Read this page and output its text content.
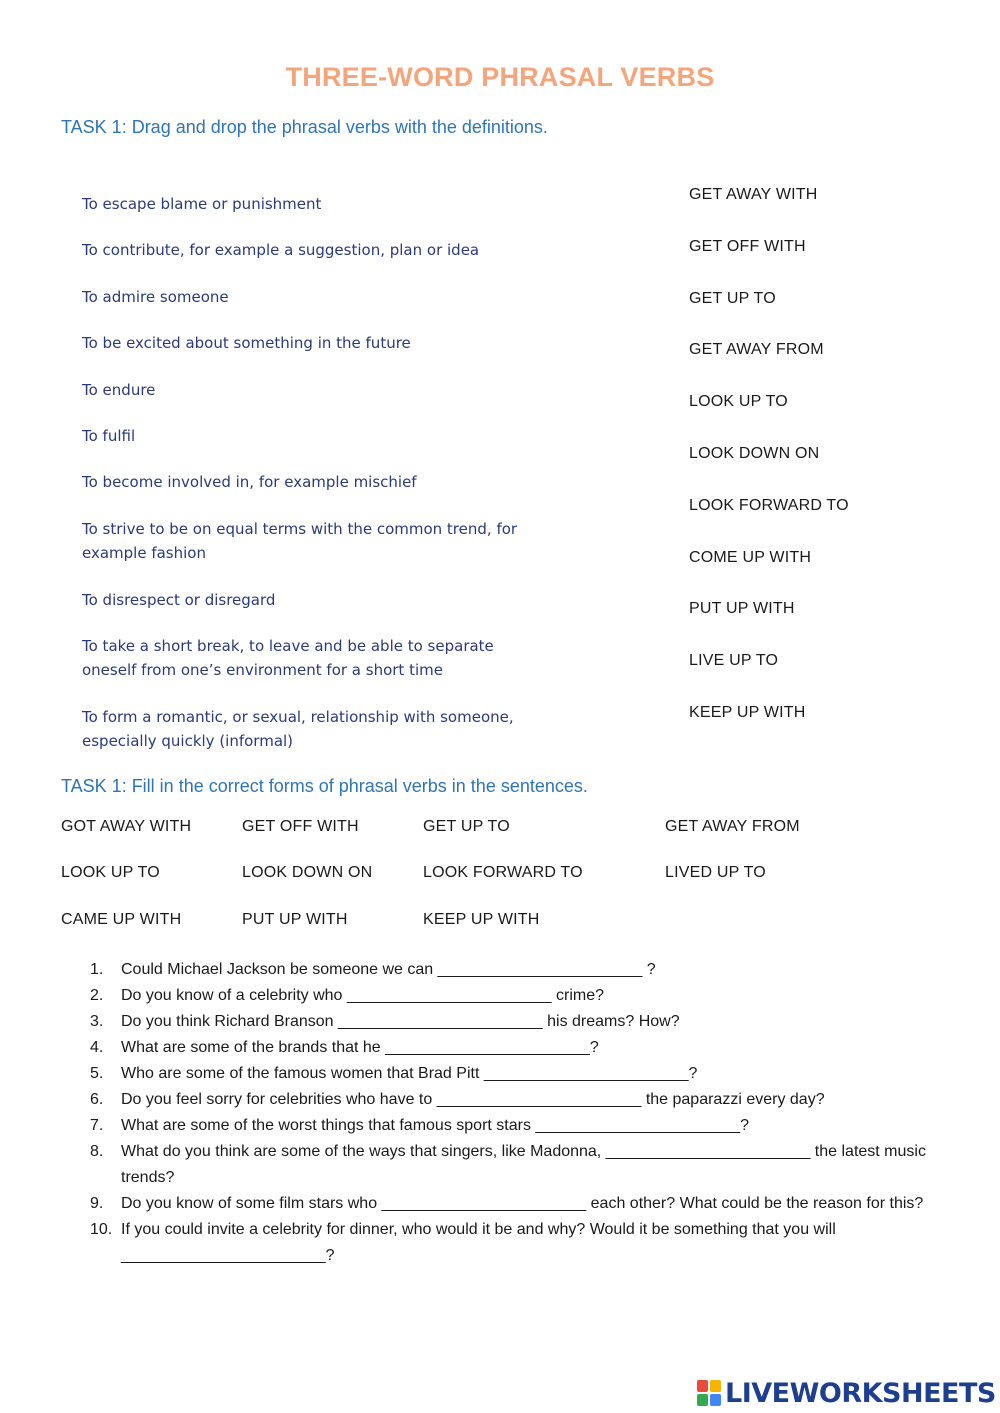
THREE-WORD PHRASAL VERBS
TASK 1: Drag and drop the phrasal verbs with the definitions.
To escape blame or punishment
To contribute, for example a suggestion, plan or idea
To admire someone
To be excited about something in the future
To endure
To fulfil
To become involved in, for example mischief
To strive to be on equal terms with the common trend, for example fashion
To disrespect or disregard
To take a short break, to leave and be able to separate oneself from one’s environment for a short time
To form a romantic, or sexual, relationship with someone, especially quickly (informal)
GET AWAY WITH
GET OFF WITH
GET UP TO
GET AWAY FROM
LOOK UP TO
LOOK DOWN ON
LOOK FORWARD TO
COME UP WITH
PUT UP WITH
LIVE UP TO
KEEP UP WITH
TASK 1: Fill in the correct forms of phrasal verbs in the sentences.
GOT AWAY WITH	GET OFF WITH	GET UP TO	GET AWAY FROM
LOOK UP TO	LOOK DOWN ON	LOOK FORWARD TO	LIVED UP TO
CAME UP WITH	PUT UP WITH	KEEP UP WITH
1. Could Michael Jackson be someone we can _______________________ ?
2. Do you know of a celebrity who _______________________ crime?
3. Do you think Richard Branson _______________________ his dreams? How?
4. What are some of the brands that he _______________________?
5. Who are some of the famous women that Brad Pitt _______________________?
6. Do you feel sorry for celebrities who have to _______________________ the paparazzi every day?
7. What are some of the worst things that famous sport stars _______________________?
8. What do you think are some of the ways that singers, like Madonna, _______________________ the latest music trends?
9. Do you know of some film stars who _______________________ each other? What could be the reason for this?
10. If you could invite a celebrity for dinner, who would it be and why? Would it be something that you will _______________________?
LIVEWORKSHEETS
